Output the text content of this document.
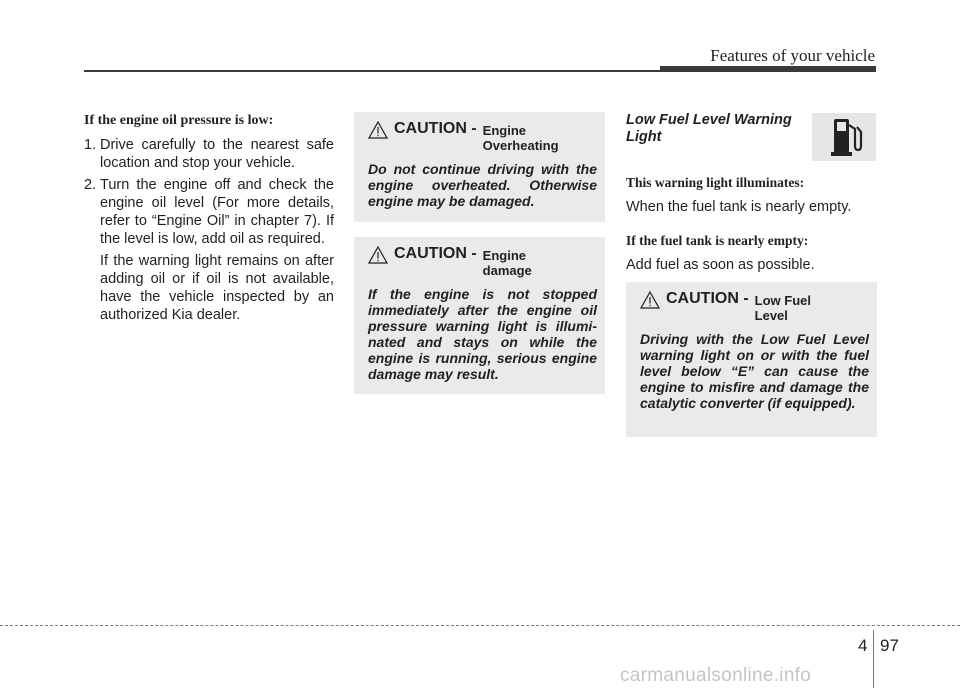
Features of your vehicle
If the engine oil pressure is low:
1. Drive carefully to the nearest safe location and stop your vehicle.
2. Turn the engine off and check the engine oil level (For more details, refer to “Engine Oil” in chapter 7). If the level is low, add oil as required.
If the warning light remains on after adding oil or if oil is not available, have the vehicle inspected by an authorized Kia dealer.
CAUTION - Engine
Overheating
Do not continue driving with the engine overheated. Otherwise engine may be damaged.
CAUTION - Engine
damage
If the engine is not stopped immediately after the engine oil pressure warning light is illumi-nated and stays on while the engine is running, serious engine damage may result.
Low Fuel Level Warning Light
This warning light illuminates:
When the fuel tank is nearly empty.
If the fuel tank is nearly empty:
Add fuel as soon as possible.
CAUTION - Low Fuel
Level
Driving with the Low Fuel Level warning light on or with the fuel level below “E” can cause the engine to misfire and damage the catalytic converter (if equipped).
4 97
carmanualsonline.info
